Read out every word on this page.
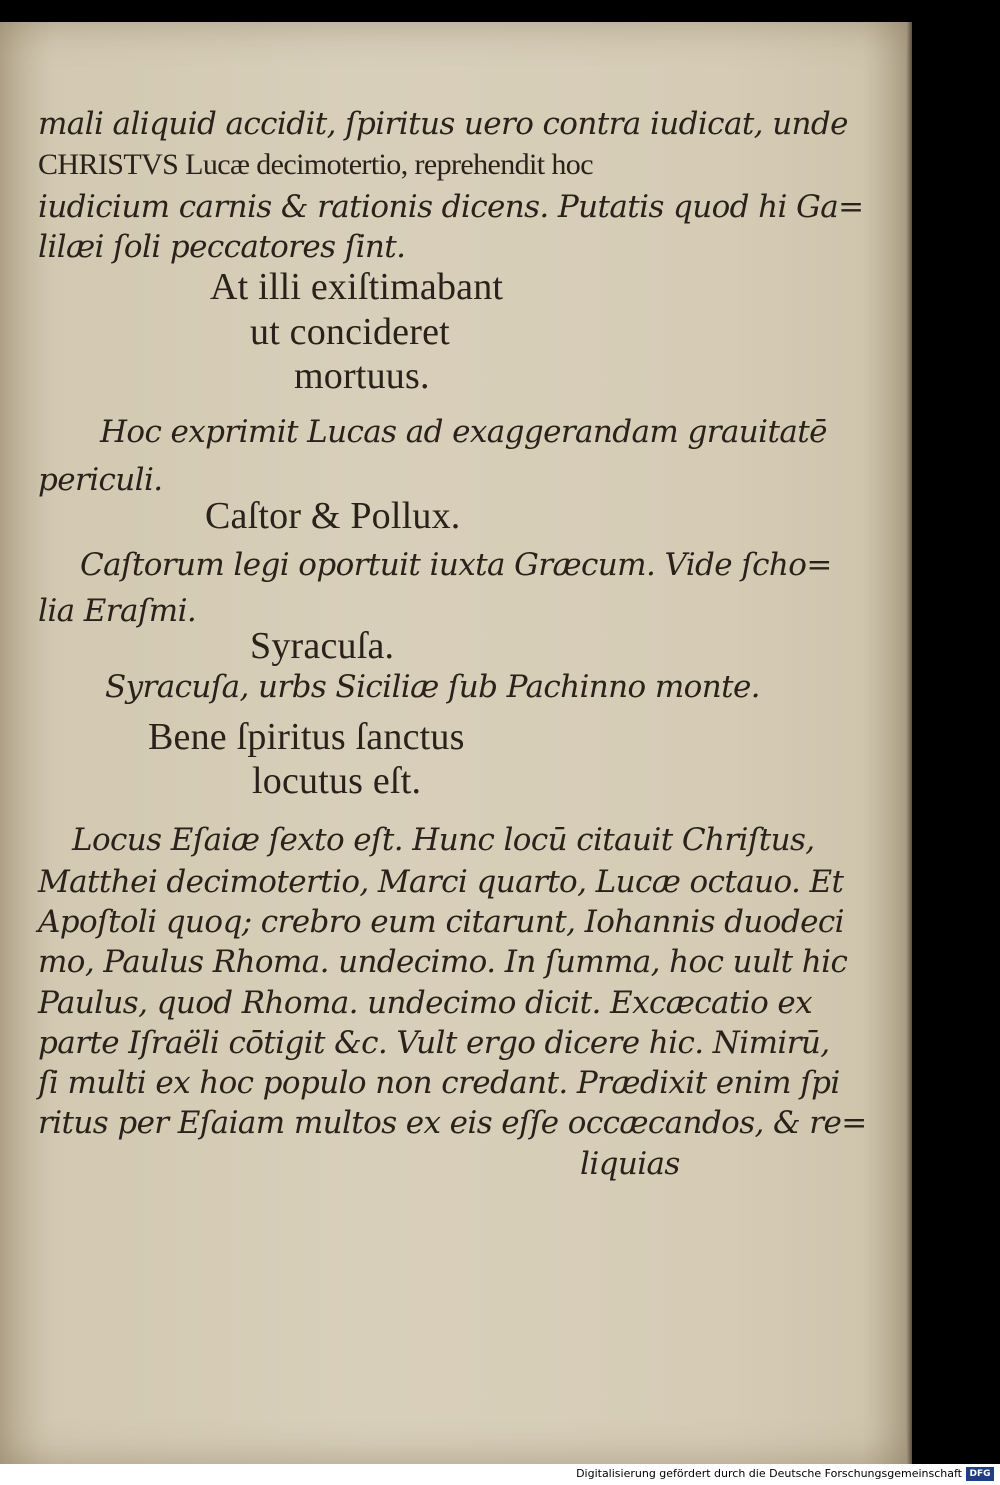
mali aliquid accidit, ſpiritus uero contra iudicat, unde
CHRISTVS Lucæ decimotertio, reprehendit hoc
iudicium carnis & rationis dicens. Putatis quod hi Ga=
lilæi ſoli peccatores ſint.
At illi exiſtimabant
ut concideret
mortuus.
Hoc exprimit Lucas ad exaggerandam grauitatē
periculi.
Caſtor & Pollux.
Caſtorum legi oportuit iuxta Græcum. Vide ſcho=
lia Eraſmi.
Syracuſa.
Syracuſa, urbs Siciliæ ſub Pachinno monte.
Bene ſpiritus ſanctus
locutus eſt.
Locus Eſaiæ ſexto eſt. Hunc locū citauit Chriſtus,
Matthei decimotertio, Marci quarto, Lucæ octauo. Et
Apoſtoli quoq; crebro eum citarunt, Iohannis duodeci
mo, Paulus Rhoma. undecimo. In ſumma, hoc uult hic
Paulus, quod Rhoma. undecimo dicit. Excæcatio ex
parte Iſraëli cōtigit &c. Vult ergo dicere hic. Nimirū,
ſi multi ex hoc populo non credant. Prædixit enim ſpi
ritus per Eſaiam multos ex eis eſſe occæcandos, & re=
liquias
Digitalisierung gefördert durch die Deutsche Forschungsgemeinschaft DFG
